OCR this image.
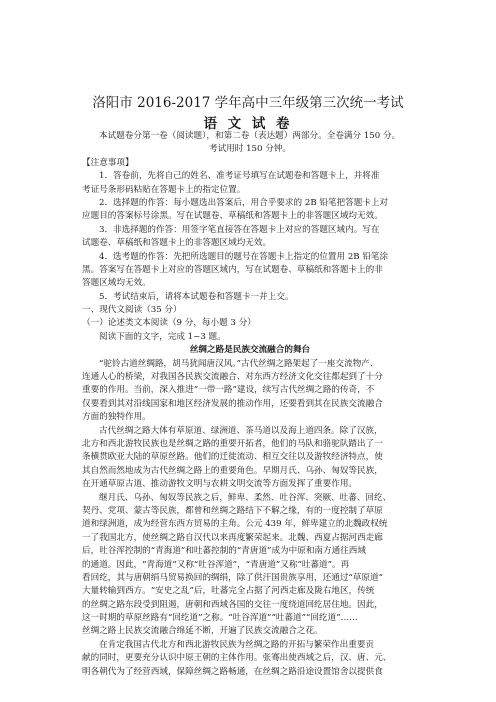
洛阳市 2016-2017 学年高中三年级第三次统一考试
语 文 试 卷
本试题卷分第一卷（阅读题），和第二卷（表达题）两部分。全卷满分 150 分。
考试用时 150 分钟。
【注意事项】
1．答卷前，先将自己的姓名、准考证号填写在试题卷和答题卡上，并将准
考证号条形码粘贴在答题卡上的指定位置。
2．选择题的作答：每小题选出答案后，用合乎要求的 2B 铅笔把答题卡上对
应题目的答案标号涂黑。写在试题卷、草稿纸和答题卡上的非答题区域均无效。
3．非选择题的作答：用签字笔直接答在答题卡上对应的答题区域内。写在
试题卷、草稿纸和答题卡上的非答题区域均无效。
4．选考题的作答：先把所选题目的题号在答题卡上指定的位置用 2B 铅笔涂
黑。答案写在答题卡上对应的答题区域内，写在试题卷、草稿纸和答题卡上的非
答题区域均无效。
5．考试结束后，请将本试题卷和答题卡一并上交。
一、现代文阅读（35 分）
（一）论述类文本阅读（9 分，每小题 3 分）
阅读下面的文字，完成 1~3 题。
丝绸之路是民族交流融合的舞台
“驼铃古道丝绸路，胡马犹闻唐汉风。”古代丝绸之路架起了一座交流物产、
连通人心的桥梁，对我国各民族交流融合、对东西方经济文化交往都起到了十分
重要的作用。当前，深入推进“一带一路”建设，续写古代丝绸之路的传奇，不
仅要看到其对沿线国家和地区经济发展的推动作用，还要看到其在民族交流融合
方面的独特作用。
古代丝绸之路大体有草原道、绿洲道、茶马道以及海上道四条。除了汉族，
北方和西北游牧民族也是丝绸之路的重要开拓者，他们的马队和骆驼队踏出了一
条横贯欧亚大陆的草原丝路。他们的迁徙流动、相互交往以及游牧经济特点，使
其自然而然地成为古代丝绸之路上的重要角色。早期月氏、乌孙、匈奴等民族，
在开通草原古道、推动游牧文明与农耕文明交流等方面发挥了重要作用。
继月氏、乌孙、匈奴等民族之后，鲜卑、柔然、吐谷浑、突厥、吐蕃、回纥、
契丹、党项、蒙古等民族，都曾和丝绸之路结下不解之缘，有的一度控制了草原
道和绿洲道，成为经营东西方贸易的主角。公元 439 年，鲜卑建立的北魏政权统
一了我国北方，使丝绸之路自汉代以来再度繁荣起来。北魏、西夏占据河西走廊
后，吐谷浑控制的“青海道”和吐蕃控制的“青唐道”成为中原和南方通往西域
的通道。因此，“青海道”又称“吐谷浑道”，“青唐道”又称“吐蕃道”。再
看回纥，其与唐朝绢马贸易换回的绸绢，除了供汗国贵族享用，还通过“草原道”
大量转输到西方。“安史之乱”后，吐蕃完全占据了河西走廊及陇右地区，传统
的丝绸之路东段受到阻遏，唐朝和西域各国的交往一度绕道回纥居住地。因此，
这一时期的草原丝路有“回纥道”之称。“吐谷浑道”“吐蕃道”“回纥道”……
丝绸之路上民族交流融合绵延不断，开遍了民族交流融合之花。
在肯定我国古代北方和西北游牧民族为丝绸之路的开拓与繁荣作出重要贡
献的同时，更要充分认识中原王朝的主体作用。张骞出使西域之后，汉、唐、元、
明各朝代为了经营西域，保障丝绸之路畅通，在丝绸之路沿途设置馆舍以提供食
